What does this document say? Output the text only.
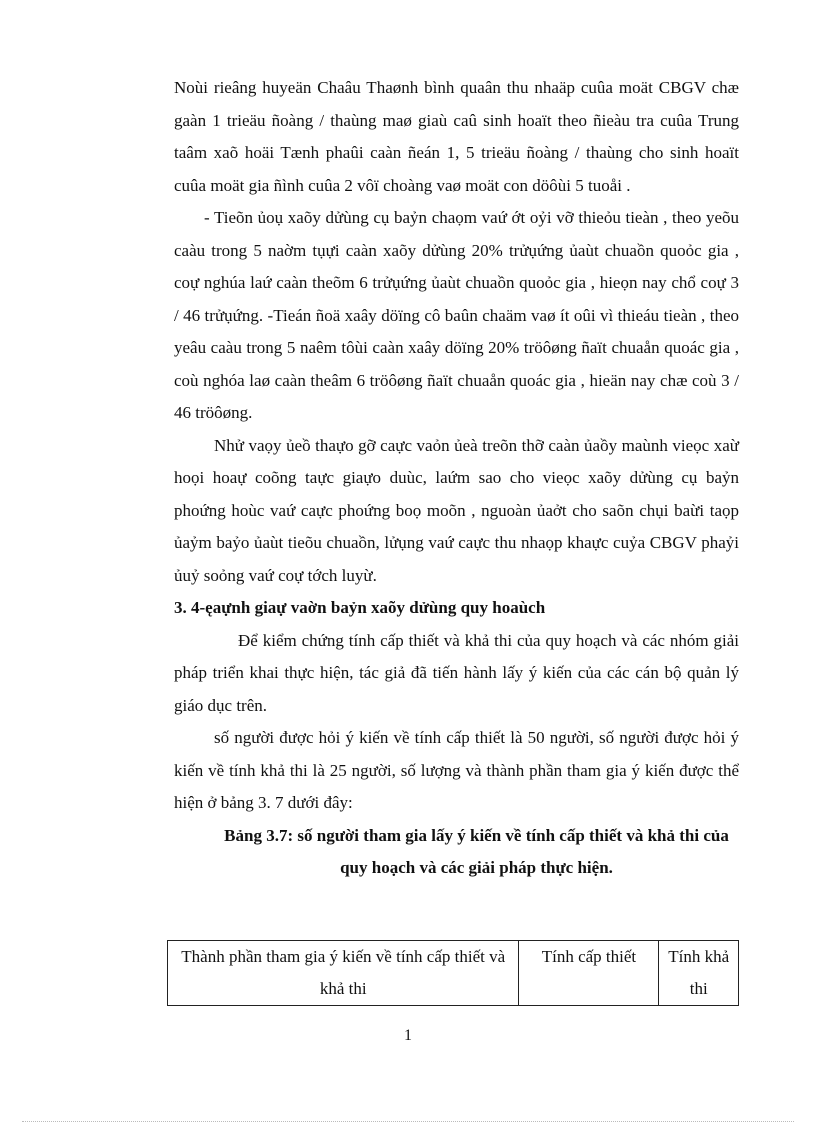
Noùi rieâng huyeän Chaâu Thaønh bình quaân thu nhaäp cuûa moät CBGV chæ gaàn 1 trieäu ñoàng / thaùng maø giaù caû sinh hoaït theo ñieàu tra cuûa Trung taâm xaõ hoäi Tænh phaûi caàn ñeán 1, 5 trieäu ñoàng / thaùng cho sinh hoaït cuûa moät gia ñình cuûa 2 vôï choàng vaø moät con döôùi 5 tuoåi .

- Tieõn ủoụ xaõy dửùng cụ baỷn chaọm vaứ ớt oỷi vỡ thieỏu tieàn , theo yeõu caàu trong 5 naờm tụựi caàn xaõy dửùng 20% trửụứng ủaùt chuaồn quoỏc gia , coự nghúa laứ caàn theõm 6 trửụứng ủaùt chuaồn quoỏc gia , hieọn nay chổ coự 3 / 46 trửụứng. -Tieán ñoä xaây döïng cô baûn chaäm vaø ít oûi vì thieáu tieàn , theo yeâu caàu trong 5 naêm tôùi caàn xaây döïng 20% tröôøng ñaït chuaån quoác gia , coù nghóa laø caàn theâm 6 tröôøng ñaït chuaån quoác gia , hieän nay chæ coù 3 / 46 tröôøng.

Nhử vaọy ủeồ thaựo gỡ caực vaỏn ủeà treõn thỡ caàn ủaồy maùnh vieọc xaừ hoọi hoaự coõng taực giaựo duùc, laứm sao cho vieọc xaõy dửùng cụ baỷn phoứng hoùc vaứ caực phoứng boọ moõn , nguoàn ủaởt cho saõn chụi baừi taọp ủaỷm baỷo ủaùt tieõu chuaồn, lửụng vaứ caực thu nhaọp khaực cuỷa CBGV phaỷi ủuỷ soỏng vaứ coự tớch luyừ.

3. 4-ęaựnh giaự vaờn baỷn xaõy dửùng quy hoaùch

Để kiểm chứng tính cấp thiết và khả thi của quy hoạch và các nhóm giải pháp triển khai thực hiện, tác giả đã tiến hành lấy ý kiến của các cán bộ quản lý giáo dục trên.

số người được hỏi ý kiến về tính cấp thiết là 50 người, số người được hỏi ý kiến về tính khả thi là 25 người, số lượng và thành phần tham gia ý kiến được thể hiện ở bảng 3. 7 dưới đây:

Bảng 3.7: số người tham gia lấy ý kiến về tính cấp thiết và khả thi của quy hoạch và các giải pháp thực hiện.

Thành phần tham gia ý kiến về tính cấp thiết và khả thi	Tính cấp thiết	Tính khả thi
1
